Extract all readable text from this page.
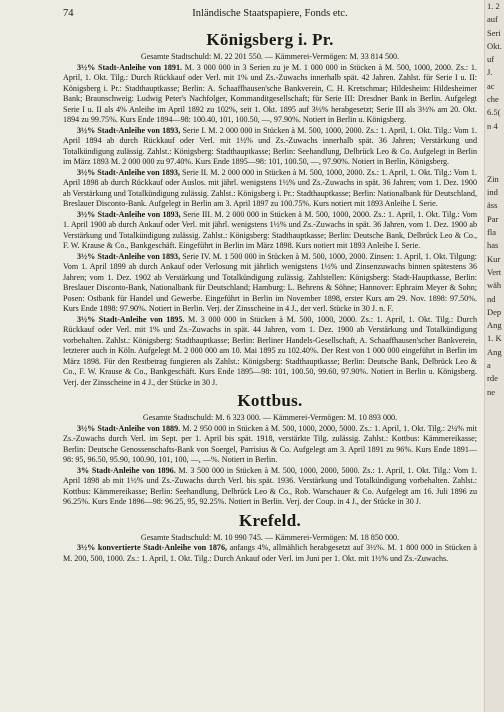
74	Inländische Staatspapiere, Fonds etc.
Königsberg i. Pr.

Gesamte Stadtschuld: M. 22 201 550. — Kämmerei-Vermögen: M. 33 814 500.

3½% Stadt-Anleihe von 1891. M. 3 000 000 in 3 Serien zu je M. 1 000 000 in Stücken à M. 500, 1000, 2000. Zs.: 1. April, 1. Okt. Tilg.: Durch Rückkauf oder Verl. mit 1% und Zs.-Zuwachs innerhalb spät. 42 Jahren. Zahlst. für Serie I u. II: Königsberg i. Pr.: Stadthauptkasse; Berlin: A. Schaaffhausen'sche Bankverein, C. H. Kretschmar; Hildesheim: Hildesheimer Bank; Braunschweig: Ludwig Peter's Nachfolger, Kommanditgesellschaft; für Serie III: Dresdner Bank in Berlin. Aufgelegt Serie I u. II als 4% Anleihe im April 1892 zu 102%, seit 1. Okt. 1895 auf 3½% herabgesetzt; Serie III als 3½% am 20. Okt. 1894 zu 99.75%. Kurs Ende 1894—98: 100.40, 101, 100.50, —, 97.90%. Notiert in Berlin u. Königsberg.

3½% Stadt-Anleihe von 1893, Serie I. M. 2 000 000 in Stücken à M. 500, 1000, 2000. Zs.: 1. April, 1. Okt. Tilg.: Vom 1. April 1894 ab durch Rückkauf oder Verl. mit 1½% und Zs.-Zuwachs innerhalb spät. 36 Jahren; Verstärkung und Totalkündigung zulässig. Zahlst.: Königsberg: Stadthauptkasse; Berlin: Seehandlung, Delbrück Leo & Co. Aufgelegt in Berlin im März 1893 M. 2 000 000 zu 97.40%. Kurs Ende 1895—98: 101, 100.50, —, 97.90%. Notiert in Berlin, Königsberg.

3½% Stadt-Anleihe von 1893, Serie II. M. 2 000 000 in Stücken à M. 500, 1000, 2000. Zs.: 1. April, 1. Okt. Tilg.: Vom 1. April 1898 ab durch Rückkauf oder Auslos. mit jährl. wenigstens 1½% und Zs.-Zuwachs in spät. 36 Jahren; vom 1. Dez. 1900 ab Verstärkung und Totalkündigung zulässig. Zahlst.: Königsberg i. Pr.: Stadthauptkasse; Berlin: Nationalbank für Deutschland, Breslauer Disconto-Bank. Aufgelegt in Berlin am 3. April 1897 zu 100.75%. Kurs notiert mit 1893 Anleihe I. Serie.

3½% Stadt-Anleihe von 1893, Serie III. M. 2 000 000 in Stücken à M. 500, 1000, 2000. Zs.: 1. April, 1. Okt. Tilg.: Vom 1. April 1900 ab durch Ankauf oder Verl. mit jährl. wenigstens 1½% und Zs.-Zuwachs in spät. 36 Jahren, vom 1. Dez. 1900 ab Verstärkung und Totalkündigung zulässig. Zahlst.: Königsberg: Stadthauptkasse; Berlin: Deutsche Bank, Delbrück Leo & Co., F. W. Krause & Co., Bankgeschäft. Eingeführt in Berlin im März 1898. Kurs notiert mit 1893 Anleihe I. Serie.

3½% Stadt-Anleihe von 1893, Serie IV. M. 1 500 000 in Stücken à M. 500, 1000, 2000. Zinsen: 1. April, 1. Okt. Tilgung: Vom 1. April 1899 ab durch Ankauf oder Verlosung mit jährlich wenigstens 1½% und Zinsenzuwachs binnen spätestens 36 Jahren; vom 1. Dez. 1902 ab Verstärkung und Totalkündigung zulässig. Zahlstellen: Königsberg: Stadt-Hauptkasse, Berlin: Breslauer Disconto-Bank, Nationalbank für Deutschland; Hamburg: L. Behrens & Söhne; Hannover: Ephraim Meyer & Sohn; Posen: Ostbank für Handel und Gewerbe. Eingeführt in Berlin im November 1898, erster Kurs am 29. Nov. 1898: 97.50%. Kurs Ende 1898: 97.90%. Notiert in Berlin. Verj. der Zinsscheine in 4 J., der verl. Stücke in 30 J. n. F.

3½% Stadt-Anleihe von 1895. M. 3 000 000 in Stücken à M. 500, 1000, 2000. Zs.: 1. April, 1. Okt. Tilg.: Durch Rückkauf oder Verl. mit 1% und Zs.-Zuwachs in spät. 44 Jahren, vom 1. Dez. 1900 ab Verstärkung und Totalkündigung vorbehalten. Zahlst.: Königsberg: Stadthauptkasse; Berlin: Berliner Handels-Gesellschaft, A. Schaaffhausen'scher Bankverein, letzterer auch in Köln. Aufgelegt M. 2 000 000 am 10. Mai 1895 zu 102.40%. Der Rest von 1 000 000 eingeführt in Berlin im März 1898. Für den Restbetrag fungieren als Zahlst.: Königsberg: Stadthauptkasse; Berlin: Deutsche Bank, Delbrück Leo & Co., F. W. Krause & Co., Bankgeschäft. Kurs Ende 1895—98: 101, 100.50, 99.60, 97.90%. Notiert in Berlin u. Königsberg. Verj. der Zinsscheine in 4 J., der Stücke in 30 J.

Kottbus.

Gesamte Stadtschuld: M. 6 323 000. — Kämmerei-Vermögen: M. 10 893 000.

3½% Stadt-Anleihe von 1889. M. 2 950 000 in Stücken à M. 500, 1000, 2000, 5000. Zs.: 1. April, 1. Okt. Tilg.: 2¼% mit Zs.-Zuwachs durch Verl. im Sept. per 1. April bis spät. 1918, verstärkte Tilg. zulässig. Zahlst.: Kottbus: Kämmereikasse; Berlin: Deutsche Genossenschafts-Bank von Soergel, Parrisius & Co. Aufgelegt am 3. April 1891 zu 96%. Kurs Ende 1891—98: 95, 96.50, 95.90, 100.90, 101, 100, —, —%. Notiert in Berlin.

3% Stadt-Anleihe von 1896. M. 3 500 000 in Stücken à M. 500, 1000, 2000, 5000. Zs.: 1. April, 1. Okt. Tilg.: Vom 1. April 1898 ab mit 1½% und Zs.-Zuwachs durch Verl. bis spät. 1936. Verstärkung und Totalkündigung vorbehalten. Zahlst.: Kottbus: Kämmereikasse; Berlin: Seehandlung, Delbrück Leo & Co., Rob. Warschauer & Co. Aufgelegt am 16. Juli 1896 zu 96.25%. Kurs Ende 1896—98: 96.25, 95, 92.25%. Notiert in Berlin. Verj. der Coup. in 4 J., der Stücke in 30 J.

Krefeld.

Gesamte Stadtschuld: M. 10 990 745. — Kämmerei-Vermögen: M. 18 850 000.

3½% konvertierte Stadt-Anleihe von 1876, anfangs 4%, allmählich herabgesetzt auf 3½%. M. 1 800 000 in Stücken à M. 200, 500, 1000. Zs.: 1. April, 1. Okt. Tilg.: Durch Ankauf oder Verl. im Juni per 1. Okt. mit 1½% und Zs.-Zuwachs.

1. 2
auf
Seri
Okt.
uf
J.
ac
che
6.5(
n 4

Zin
ind
äss
Par
fla
has
Kur
Vert
wäh
nd
Dep
Ang
1. K
Ang
a
rde
ne
